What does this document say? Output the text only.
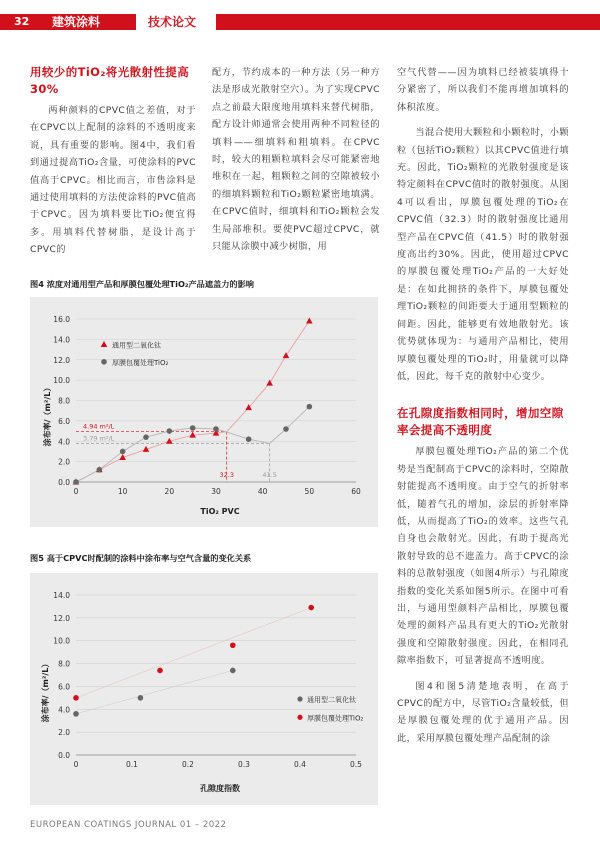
32 建筑涂料	技术论文
用较少的TiO₂将光散射性提高
30%

两种颜料的CPVC值之差值，对于在CPVC以上配制的涂料的不透明度来说，具有重要的影响。图4中，我们看到通过提高TiO₂含量，可使涂料的PVC值高于CPVC。相比而言，市售涂料是通过使用填料的方法使涂料的PVC值高于CPVC。因为填料要比TiO₂便宜得多。用填料代替树脂，是设计高于CPVC的

配方，节约成本的一种方法（另一种方法是形成光散射空穴）。为了实现CPVC点之前最大限度地用填料来替代树脂，配方设计师通常会使用两种不同粒径的填料——细填料和粗填料。在CPVC时，较大的粗颗粒填料会尽可能紧密地堆积在一起，粗颗粒之间的空隙被较小的细填料颗粒和TiO₂颗粒紧密地填满。在CPVC值时，细填料和TiO₂颗粒会发生局部堆积。要使PVC超过CPVC，就只能从涂膜中减少树脂，用

空气代替——因为填料已经被装填得十分紧密了，所以我们不能再增加填料的体积浓度。

当混合使用大颗粒和小颗粒时，小颗粒（包括TiO₂颗粒）以其CPVC值进行填充。因此，TiO₂颗粒的光散射强度是该特定颜料在CPVC值时的散射强度。从图4可以看出，厚膜包覆处理的TiO₂在CPVC值（32.3）时的散射强度比通用型产品在CPVC值（41.5）时的散射强度高出约30%。因此，使用超过CPVC的厚膜包覆处理TiO₂产品的一大好处是：在如此拥挤的条件下，厚膜包覆处理TiO₂颗粒的间距要大于通用型颗粒的间距。因此，能够更有效地散射光。该优势就体现为：与通用产品相比，使用厚膜包覆处理的TiO₂时，用量就可以降低，因此，每千克的散射中心变少。

在孔隙度指数相同时，增加空隙
率会提高不透明度

厚膜包覆处理TiO₂产品的第二个优势是当配制高于CPVC的涂料时，空隙散射能提高不透明度。由于空气的折射率低，随着气孔的增加，涂层的折射率降低，从而提高了TiO₂的效率。这些气孔自身也会散射光。因此，有助于提高光散射导致的总不遮盖力。高于CPVC的涂料的总散射强度（如图4所示）与孔隙度指数的变化关系如图5所示。在图中可看出，与通用型颜料产品相比，厚膜包覆处理的颜料产品具有更大的TiO₂光散射强度和空隙散射强度。因此，在相同孔隙率指数下，可显著提高不透明度。

图4和图5清楚地表明，在高于CPVC的配方中，尽管TiO₂含量较低，但是厚膜包覆处理的优于通用产品。因此，采用厚膜包覆处理产品配制的涂

图4 浓度对通用型产品和厚膜包覆处理TiO₂产品遮盖力的影响
0.0
2.0
4.0
6.0
8.0
10.0
12.0
14.0
16.0
0	10	20	30	40	50	60
4.94 m²/L
3.79 m²/L
32.3	41.5
通用型二氧化钛
厚膜包覆处理TiO₂
涂布率/（m²/L）
TiO₂ PVC
图5 高于CPVC时配制的涂料中涂布率与空气含量的变化关系
0.0
2.0
4.0
6.0
8.0
10.0
12.0
14.0
0	0.1	0.2	0.3	0.4	0.5
通用型二氧化钛
厚膜包覆处理TiO₂
涂布率/（m²/L）
孔隙度指数
EUROPEAN COATINGS JOURNAL 01 – 2022
